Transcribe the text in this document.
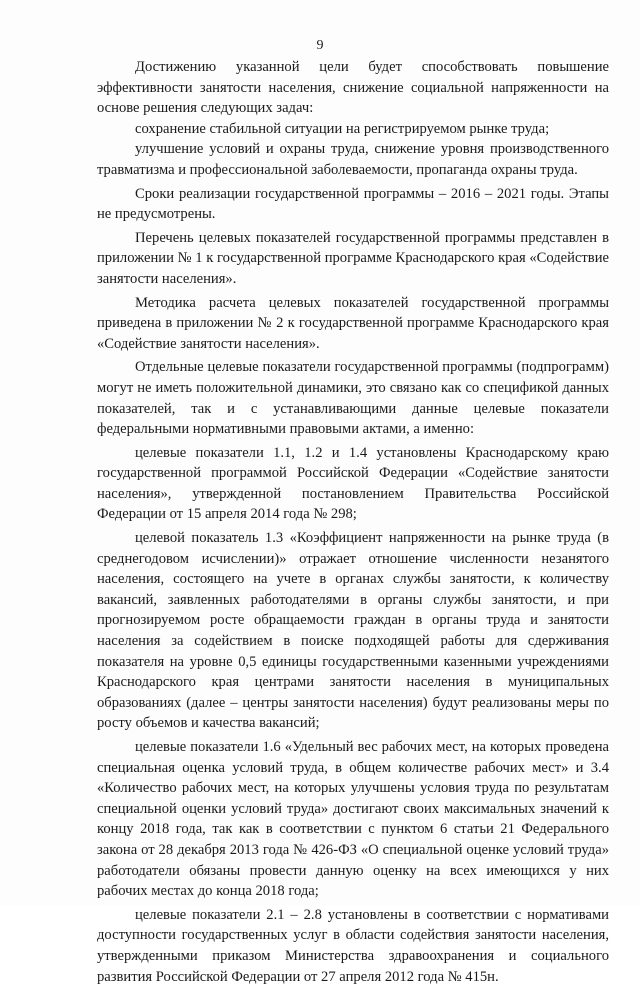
9

Достижению указанной цели будет способствовать повышение эффективности занятости населения, снижение социальной напряженности на основе решения следующих задач:

сохранение стабильной ситуации на регистрируемом рынке труда;

улучшение условий и охраны труда, снижение уровня производственного травматизма и профессиональной заболеваемости, пропаганда охраны труда.

Сроки реализации государственной программы – 2016 – 2021 годы. Этапы не предусмотрены.

Перечень целевых показателей государственной программы представлен в приложении № 1 к государственной программе Краснодарского края «Содействие занятости населения».

Методика расчета целевых показателей государственной программы приведена в приложении № 2 к государственной программе Краснодарского края «Содействие занятости населения».

Отдельные целевые показатели государственной программы (подпрограмм) могут не иметь положительной динамики, это связано как со спецификой данных показателей, так и с устанавливающими данные целевые показатели федеральными нормативными правовыми актами, а именно:

целевые показатели 1.1, 1.2 и 1.4 установлены Краснодарскому краю государственной программой Российской Федерации «Содействие занятости населения», утвержденной постановлением Правительства Российской Федерации от 15 апреля 2014 года № 298;

целевой показатель 1.3 «Коэффициент напряженности на рынке труда (в среднегодовом исчислении)» отражает отношение численности незанятого населения, состоящего на учете в органах службы занятости, к количеству вакансий, заявленных работодателями в органы службы занятости, и при прогнозируемом росте обращаемости граждан в органы труда и занятости населения за содействием в поиске подходящей работы для сдерживания показателя на уровне 0,5 единицы государственными казенными учреждениями Краснодарского края центрами занятости населения в муниципальных образованиях (далее – центры занятости населения) будут реализованы меры по росту объемов и качества вакансий;

целевые показатели 1.6 «Удельный вес рабочих мест, на которых проведена специальная оценка условий труда, в общем количестве рабочих мест» и 3.4 «Количество рабочих мест, на которых улучшены условия труда по результатам специальной оценки условий труда» достигают своих максимальных значений к концу 2018 года, так как в соответствии с пунктом 6 статьи 21 Федерального закона от 28 декабря 2013 года № 426-ФЗ «О специальной оценке условий труда» работодатели обязаны провести данную оценку на всех имеющихся у них рабочих местах до конца 2018 года;

целевые показатели 2.1 – 2.8 установлены в соответствии с нормативами доступности государственных услуг в области содействия занятости населения, утвержденными приказом Министерства здравоохранения и социального развития Российской Федерации от 27 апреля 2012 года № 415н.
